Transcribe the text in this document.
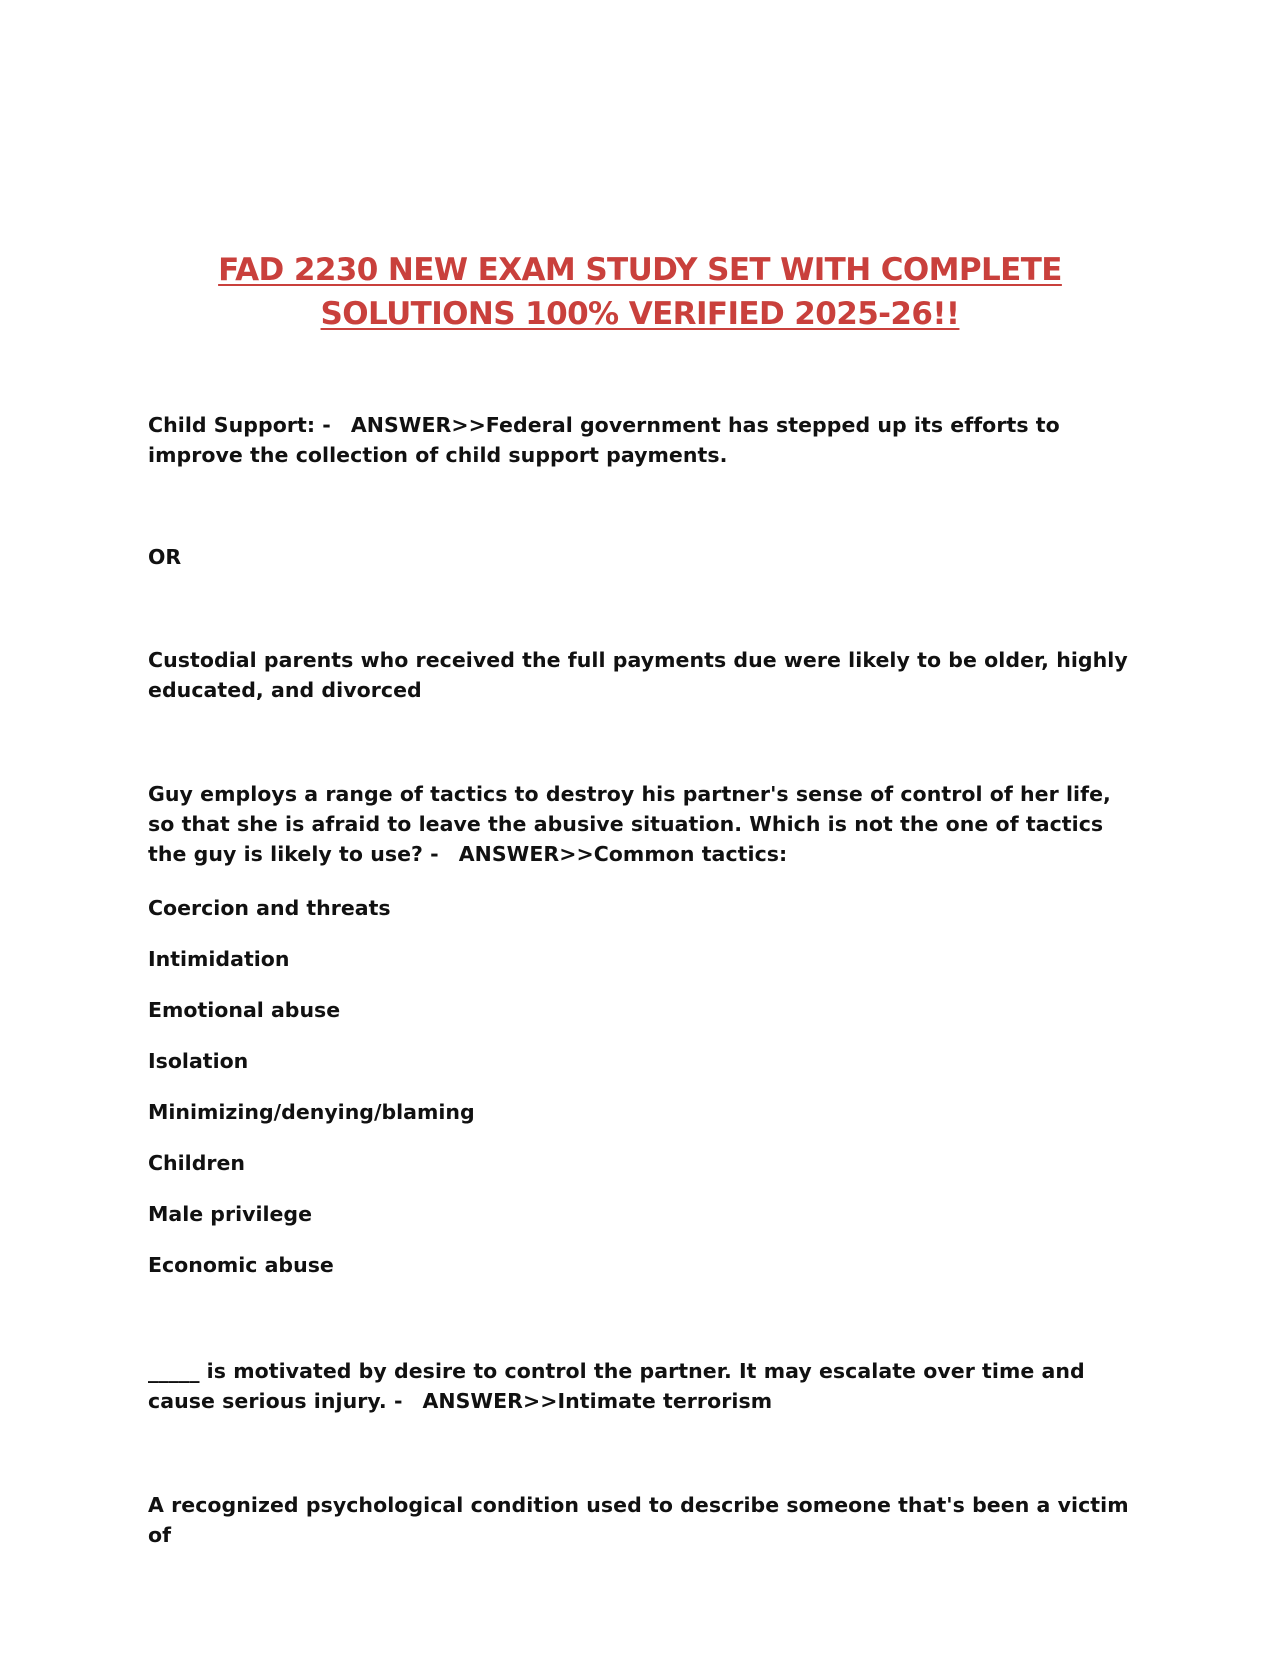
FAD 2230 NEW EXAM STUDY SET WITH COMPLETE
SOLUTIONS 100% VERIFIED 2025-26!!

Child Support: - ANSWER>>Federal government has stepped up its efforts to improve the collection of child support payments.

OR

Custodial parents who received the full payments due were likely to be older, highly educated, and divorced

Guy employs a range of tactics to destroy his partner's sense of control of her life, so that she is afraid to leave the abusive situation. Which is not the one of tactics the guy is likely to use? - ANSWER>>Common tactics:

Coercion and threats

Intimidation

Emotional abuse

Isolation

Minimizing/denying/blaming

Children

Male privilege

Economic abuse

_____ is motivated by desire to control the partner. It may escalate over time and cause serious injury. - ANSWER>>Intimate terrorism

A recognized psychological condition used to describe someone that's been a victim of
